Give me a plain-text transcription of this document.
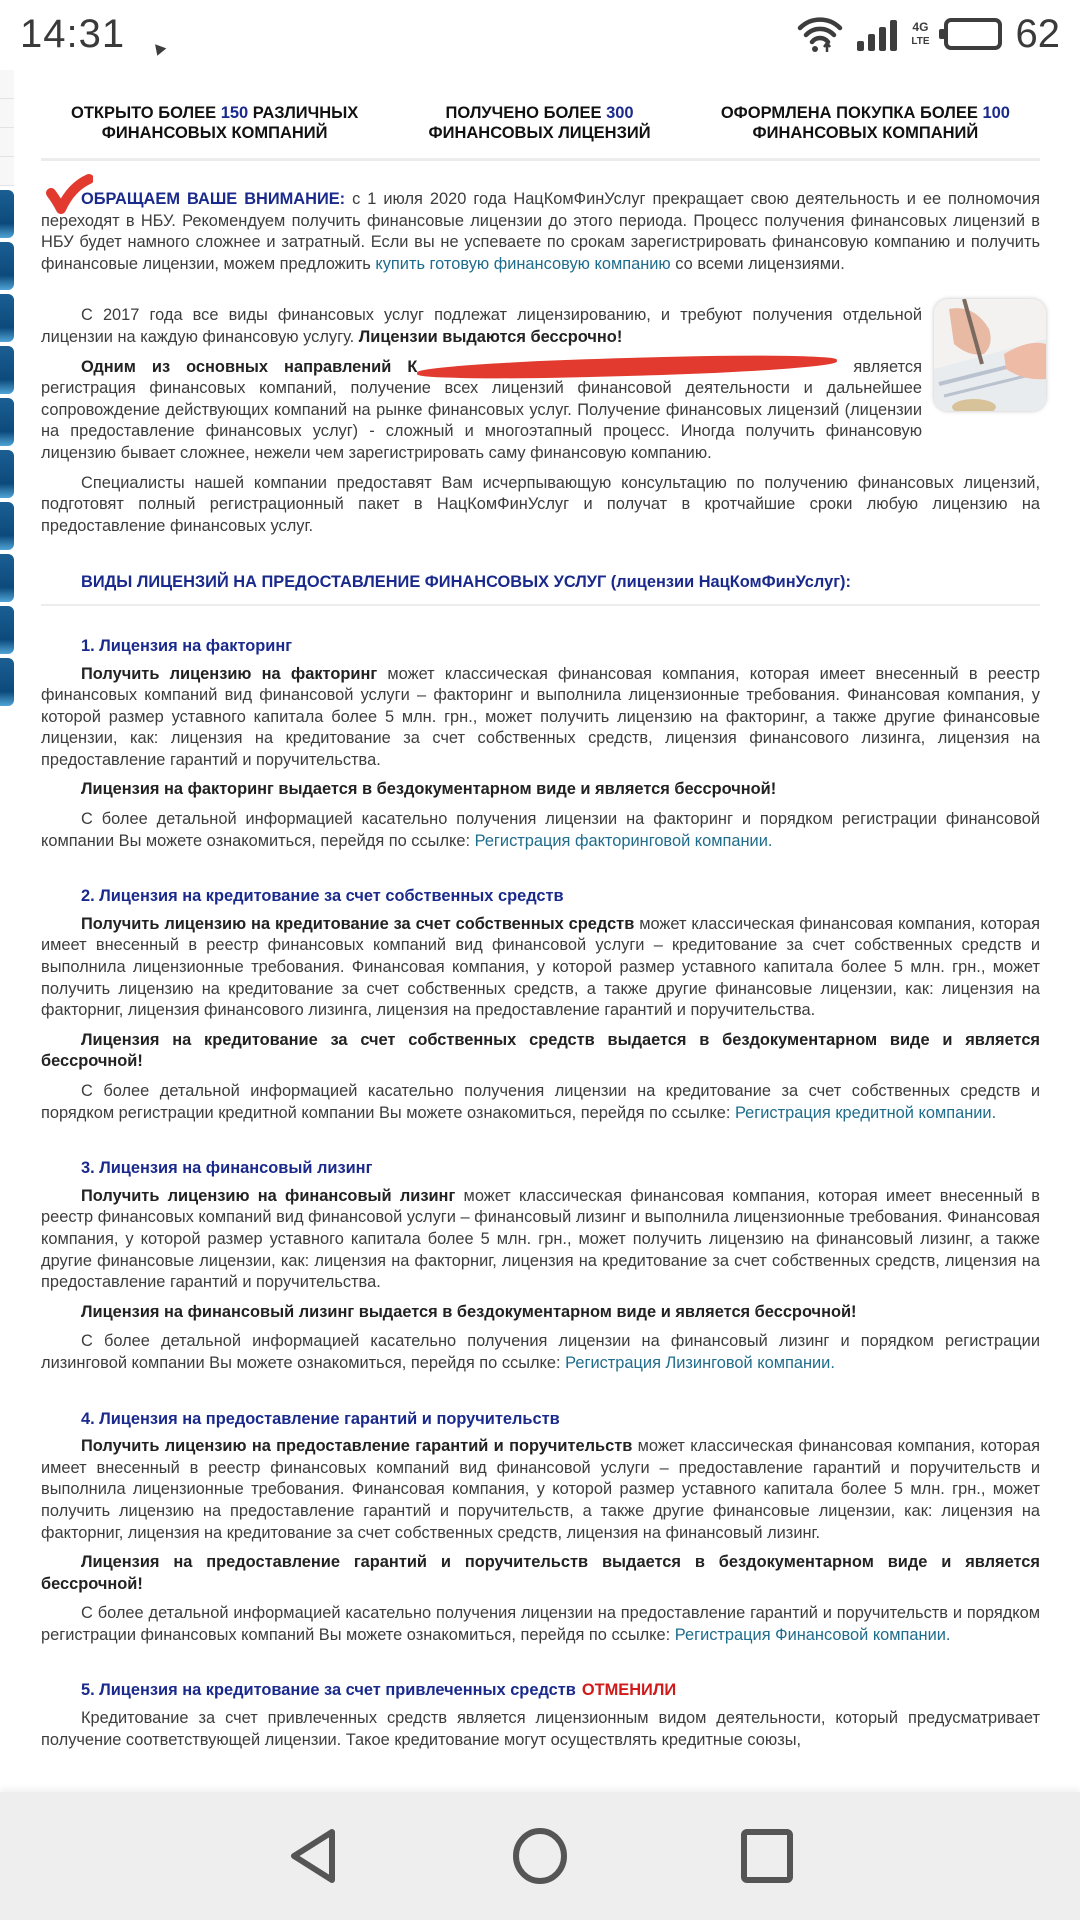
14:31	4G
LTE 62
ОТКРЫТО БОЛЕЕ 150 РАЗЛИЧНЫХ
ФИНАНСОВЫХ КОМПАНИЙ
ПОЛУЧЕНО БОЛЕЕ 300
ФИНАНСОВЫХ ЛИЦЕНЗИЙ
ОФОРМЛЕНА ПОКУПКА БОЛЕЕ 100
ФИНАНСОВЫХ КОМПАНИЙ
ОБРАЩАЕМ ВАШЕ ВНИМАНИЕ: с 1 июля 2020 года НацКомФинУслуг прекращает свою деятельность и ее полномочия переходят в НБУ. Рекомендуем получить финансовые лицензии до этого периода. Процесс получения финансовых лицензий в НБУ будет намного сложнее и затратный. Если вы не успеваете по срокам зарегистрировать финансовую компанию и получить финансовые лицензии, можем предложить купить готовую финансовую компанию со всеми лицензиями.

С 2017 года все виды финансовых услуг подлежат лицензированию, и требуют получения отдельной лицензии на каждую финансовую услугу. Лицензии выдаются бессрочно!

Одним из основных направлений К	является регистрация финансовых компаний, получение всех лицензий финансовой деятельности и дальнейшее сопровождение действующих компаний на рынке финансовых услуг. Получение финансовых лицензий (лицензии на предоставление финансовых услуг) - сложный и многоэтапный процесс. Иногда получить финансовую лицензию бывает сложнее, нежели чем зарегистрировать саму финансовую компанию.

Специалисты нашей компании предоставят Вам исчерпывающую консультацию по получению финансовых лицензий, подготовят полный регистрационный пакет в НацКомФинУслуг и получат в кротчайшие сроки любую лицензию на предоставление финансовых услуг.

ВИДЫ ЛИЦЕНЗИЙ НА ПРЕДОСТАВЛЕНИЕ ФИНАНСОВЫХ УСЛУГ (лицензии НацКомФинУслуг):
1. Лицензия на факторинг

Получить лицензию на факторинг может классическая финансовая компания, которая имеет внесенный в реестр финансовых компаний вид финансовой услуги – факторинг и выполнила лицензионные требования. Финансовая компания, у которой размер уставного капитала более 5 млн. грн., может получить лицензию на факторинг, а также другие финансовые лицензии, как: лицензия на кредитование за счет собственных средств, лицензия финансового лизинга, лицензия на предоставление гарантий и поручительства.

Лицензия на факторинг выдается в бездокументарном виде и является бессрочной!

С более детальной информацией касательно получения лицензии на факторинг и порядком регистрации финансовой компании Вы можете ознакомиться, перейдя по ссылке: Регистрация факторинговой компании.

2. Лицензия на кредитование за счет собственных средств

Получить лицензию на кредитование за счет собственных средств может классическая финансовая компания, которая имеет внесенный в реестр финансовых компаний вид финансовой услуги – кредитование за счет собственных средств и выполнила лицензионные требования. Финансовая компания, у которой размер уставного капитала более 5 млн. грн., может получить лицензию на кредитование за счет собственных средств, а также другие финансовые лицензии, как: лицензия на факторниг, лицензия финансового лизинга, лицензия на предоставление гарантий и поручительства.

Лицензия на кредитование за счет собственных средств выдается в бездокументарном виде и является бессрочной!

С более детальной информацией касательно получения лицензии на кредитование за счет собственных средств и порядком регистрации кредитной компании Вы можете ознакомиться, перейдя по ссылке: Регистрация кредитной компании.

3. Лицензия на финансовый лизинг

Получить лицензию на финансовый лизинг может классическая финансовая компания, которая имеет внесенный в реестр финансовых компаний вид финансовой услуги – финансовый лизинг и выполнила лицензионные требования. Финансовая компания, у которой размер уставного капитала более 5 млн. грн., может получить лицензию на финансовый лизинг, а также другие финансовые лицензии, как: лицензия на факторниг, лицензия на кредитование за счет собственных средств, лицензия на предоставление гарантий и поручительства.

Лицензия на финансовый лизинг выдается в бездокументарном виде и является бессрочной!

С более детальной информацией касательно получения лицензии на финансовый лизинг и порядком регистрации лизинговой компании Вы можете ознакомиться, перейдя по ссылке: Регистрация Лизинговой компании.

4. Лицензия на предоставление гарантий и поручительств

Получить лицензию на предоставление гарантий и поручительств может классическая финансовая компания, которая имеет внесенный в реестр финансовых компаний вид финансовой услуги – предоставление гарантий и поручительств и выполнила лицензионные требования. Финансовая компания, у которой размер уставного капитала более 5 млн. грн., может получить лицензию на предоставление гарантий и поручительств, а также другие финансовые лицензии, как: лицензия на факторниг, лицензия на кредитование за счет собственных средств, лицензия на финансовый лизинг.

Лицензия на предоставление гарантий и поручительств выдается в бездокументарном виде и является бессрочной!

С более детальной информацией касательно получения лицензии на предоставление гарантий и поручительств и порядком регистрации финансовых компаний Вы можете ознакомиться, перейдя по ссылке: Регистрация Финансовой компании.

5. Лицензия на кредитование за счет привлеченных средств ОТМЕНИЛИ

Кредитование за счет привлеченных средств является лицензионным видом деятельности, который предусматривает получение соответствующей лицензии. Такое кредитование могут осуществлять кредитные союзы,
